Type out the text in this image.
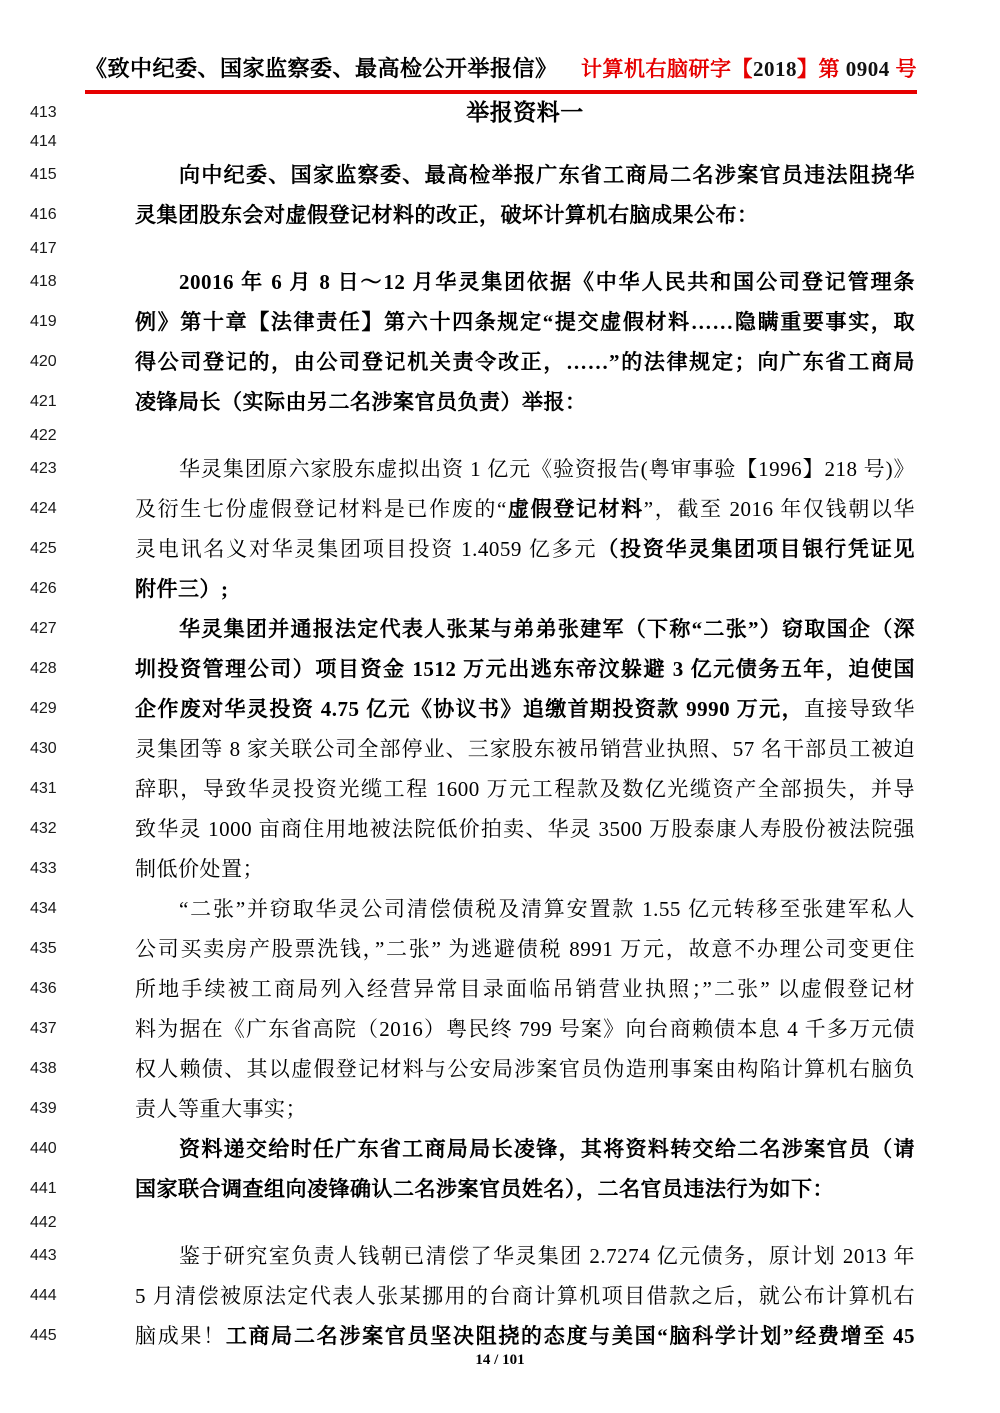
《致中纪委、国家监察委、最高检公开举报信》 计算机右脑研字【2018】第 0904 号
413	举报资料一
414
415	向中纪委、国家监察委、最高检举报广东省工商局二名涉案官员违法阻挠华
416	灵集团股东会对虚假登记材料的改正，破坏计算机右脑成果公布：
417
418	20016 年 6 月 8 日～12 月华灵集团依据《中华人民共和国公司登记管理条
419	例》第十章【法律责任】第六十四条规定“提交虚假材料……隐瞒重要事实，取
420	得公司登记的，由公司登记机关责令改正，……”的法律规定；向广东省工商局
421	凌锋局长（实际由另二名涉案官员负责）举报：
422
423	华灵集团原六家股东虚拟出资 1 亿元《验资报告(粤审事验【1996】218 号)》
424	及衍生七份虚假登记材料是已作废的“虚假登记材料”，截至 2016 年仅钱朝以华
425	灵电讯名义对华灵集团项目投资 1.4059 亿多元（投资华灵集团项目银行凭证见
426	附件三）;
427	华灵集团并通报法定代表人张某与弟弟张建军（下称“二张”）窃取国企（深
428	圳投资管理公司）项目资金 1512 万元出逃东帝汶躲避 3 亿元债务五年，迫使国
429	企作废对华灵投资 4.75 亿元《协议书》追缴首期投资款 9990 万元，直接导致华
430	灵集团等 8 家关联公司全部停业、三家股东被吊销营业执照、57 名干部员工被迫
431	辞职，导致华灵投资光缆工程 1600 万元工程款及数亿光缆资产全部损失，并导
432	致华灵 1000 亩商住用地被法院低价拍卖、华灵 3500 万股泰康人寿股份被法院强
433	制低价处置；
434	“二张”并窃取华灵公司清偿债税及清算安置款 1.55 亿元转移至张建军私人
435	公司买卖房产股票洗钱，”二张” 为逃避债税 8991 万元，故意不办理公司变更住
436	所地手续被工商局列入经营异常目录面临吊销营业执照；”二张” 以虚假登记材
437	料为据在《广东省高院（2016）粤民终 799 号案》向台商赖债本息 4 千多万元债
438	权人赖债、其以虚假登记材料与公安局涉案官员伪造刑事案由构陷计算机右脑负
439	责人等重大事实；
440	资料递交给时任广东省工商局局长凌锋，其将资料转交给二名涉案官员（请
441	国家联合调查组向凌锋确认二名涉案官员姓名），二名官员违法行为如下：
442
443	鉴于研究室负责人钱朝已清偿了华灵集团 2.7274 亿元债务，原计划 2013 年
444	5 月清偿被原法定代表人张某挪用的台商计算机项目借款之后，就公布计算机右
445	脑成果！工商局二名涉案官员坚决阻挠的态度与美国“脑科学计划”经费增至 45
14 / 101
